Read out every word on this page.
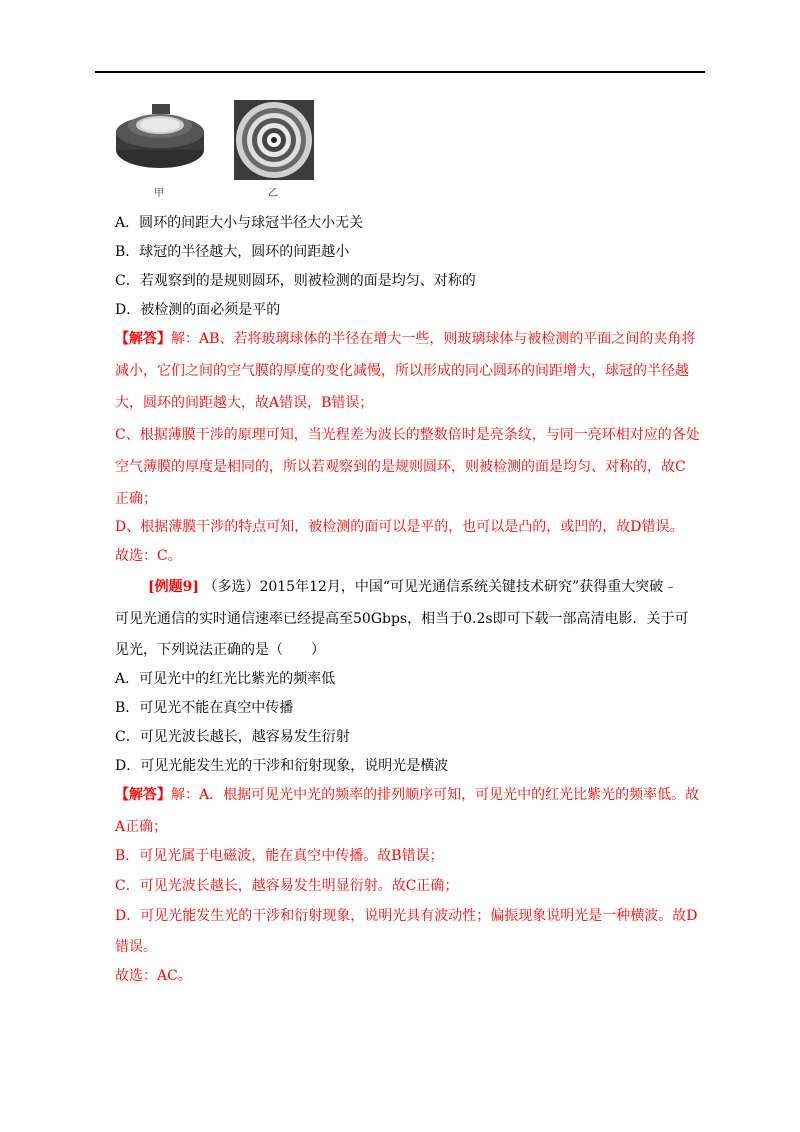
甲	乙
A．圆环的间距大小与球冠半径大小无关
B．球冠的半径越大，圆环的间距越小
C．若观察到的是规则圆环，则被检测的面是均匀、对称的
D．被检测的面必须是平的
【解答】解：AB、若将玻璃球体的半径在增大一些，则玻璃球体与被检测的平面之间的夹角将
减小，它们之间的空气膜的厚度的变化减慢，所以形成的同心圆环的间距增大，球冠的半径越
大，圆环的间距越大，故A错误，B错误；
C、根据薄膜干涉的原理可知，当光程差为波长的整数倍时是亮条纹，与同一亮环相对应的各处
空气薄膜的厚度是相同的，所以若观察到的是规则圆环，则被检测的面是均匀、对称的，故C
正确；
D、根据薄膜干涉的特点可知，被检测的面可以是平的，也可以是凸的，或凹的，故D错误。
故选：C。
[例题9] （多选）2015年12月，中国“可见光通信系统关键技术研究”获得重大突破﹣
可见光通信的实时通信速率已经提高至50Gbps，相当于0.2s即可下载一部高清电影．关于可
见光，下列说法正确的是（　　）
A．可见光中的红光比紫光的频率低
B．可见光不能在真空中传播
C．可见光波长越长，越容易发生衍射
D．可见光能发生光的干涉和衍射现象，说明光是横波
【解答】解：A．根据可见光中光的频率的排列顺序可知，可见光中的红光比紫光的频率低。故
A正确；
B．可见光属于电磁波，能在真空中传播。故B错误；
C．可见光波长越长，越容易发生明显衍射。故C正确；
D．可见光能发生光的干涉和衍射现象，说明光具有波动性；偏振现象说明光是一种横波。故D
错误。
故选：AC。
